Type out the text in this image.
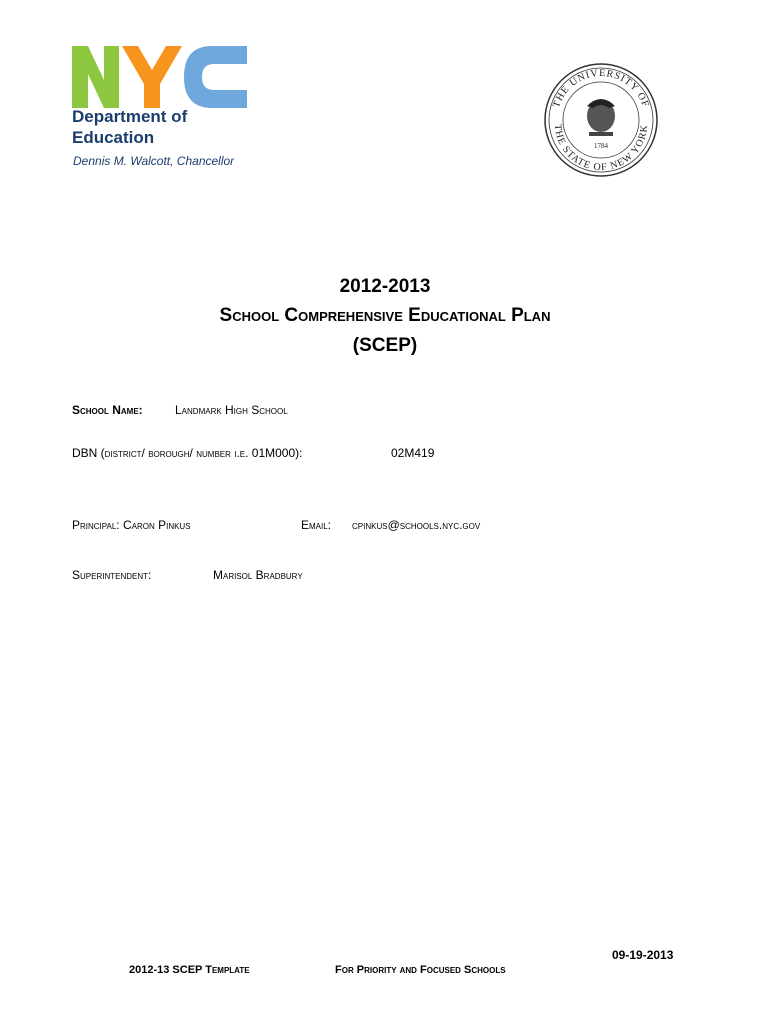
Department of
Education
Dennis M. Walcott, Chancellor
THE UNIVERSITY OF
THE STATE OF NEW YORK
1784
2012-2013
School Comprehensive Educational Plan
(SCEP)
School Name:	Landmark High School
DBN (district/ borough/ number i.e. 01M000):	02M419
Principal: Caron Pinkus	Email: cpinkus@schools.nyc.gov
Superintendent:	Marisol Bradbury
09-19-2013
2012-13 SCEP Template	For Priority and Focused Schools
